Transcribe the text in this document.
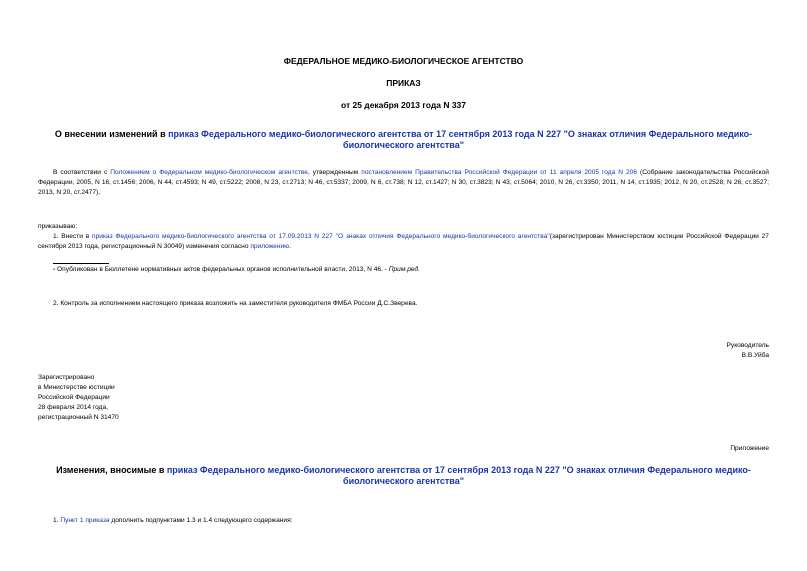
ФЕДЕРАЛЬНОЕ МЕДИКО-БИОЛОГИЧЕСКОЕ АГЕНТСТВО
ПРИКАЗ
от 25 декабря 2013 года N 337
О внесении изменений в приказ Федерального медико-биологического агентства от 17 сентября 2013 года N 227 "О знаках отличия Федерального медико-
биологического агентства"
В соответствии с Положением о Федеральном медико-биологическом агентстве, утвержденным постановлением Правительства Российской Федерации от 11 апреля 2005 года N 206 (Собрание законодательства Российской Федерации, 2005, N 16, ст.1456; 2006, N 44, ст.4593; N 49, ст.5222; 2008, N 23, ст.2713; N 46, ст.5337; 2009, N 6, ст.738; N 12, ст.1427; N 30, ст.3823; N 43, ст.5064; 2010, N 26, ст.3350; 2011, N 14, ст.1935; 2012, N 20, ст.2528; N 26, ст.3527; 2013, N 20, ст.2477),
приказываю:
1. Внести в приказ Федерального медико-биологического агентства от 17.09.2013 N 227 "О знаках отличия Федерального медико-биологического агентства"(зарегистрирован Министерством юстиции Российской Федерации 27 сентября 2013 года, регистрационный N 30049) изменения согласно приложению.
- Опубликован в Бюллетене нормативных актов федеральных органов исполнительной власти, 2013, N 46. - Прим.ред.
2. Контроль за исполнением настоящего приказа возложить на заместителя руководителя ФМБА России Д.С.Зверева.
Руководитель
В.В.Уйба
Зарегистрировано
в Министерстве юстиции
Российской Федерации
28 февраля 2014 года,
регистрационный N 31470
Приложение
Изменения, вносимые в приказ Федерального медико-биологического агентства от 17 сентября 2013 года N 227 "О знаках отличия Федерального медико-
биологического агентства"
1. Пункт 1 приказа дополнить подпунктами 1.3 и 1.4 следующего содержания:
